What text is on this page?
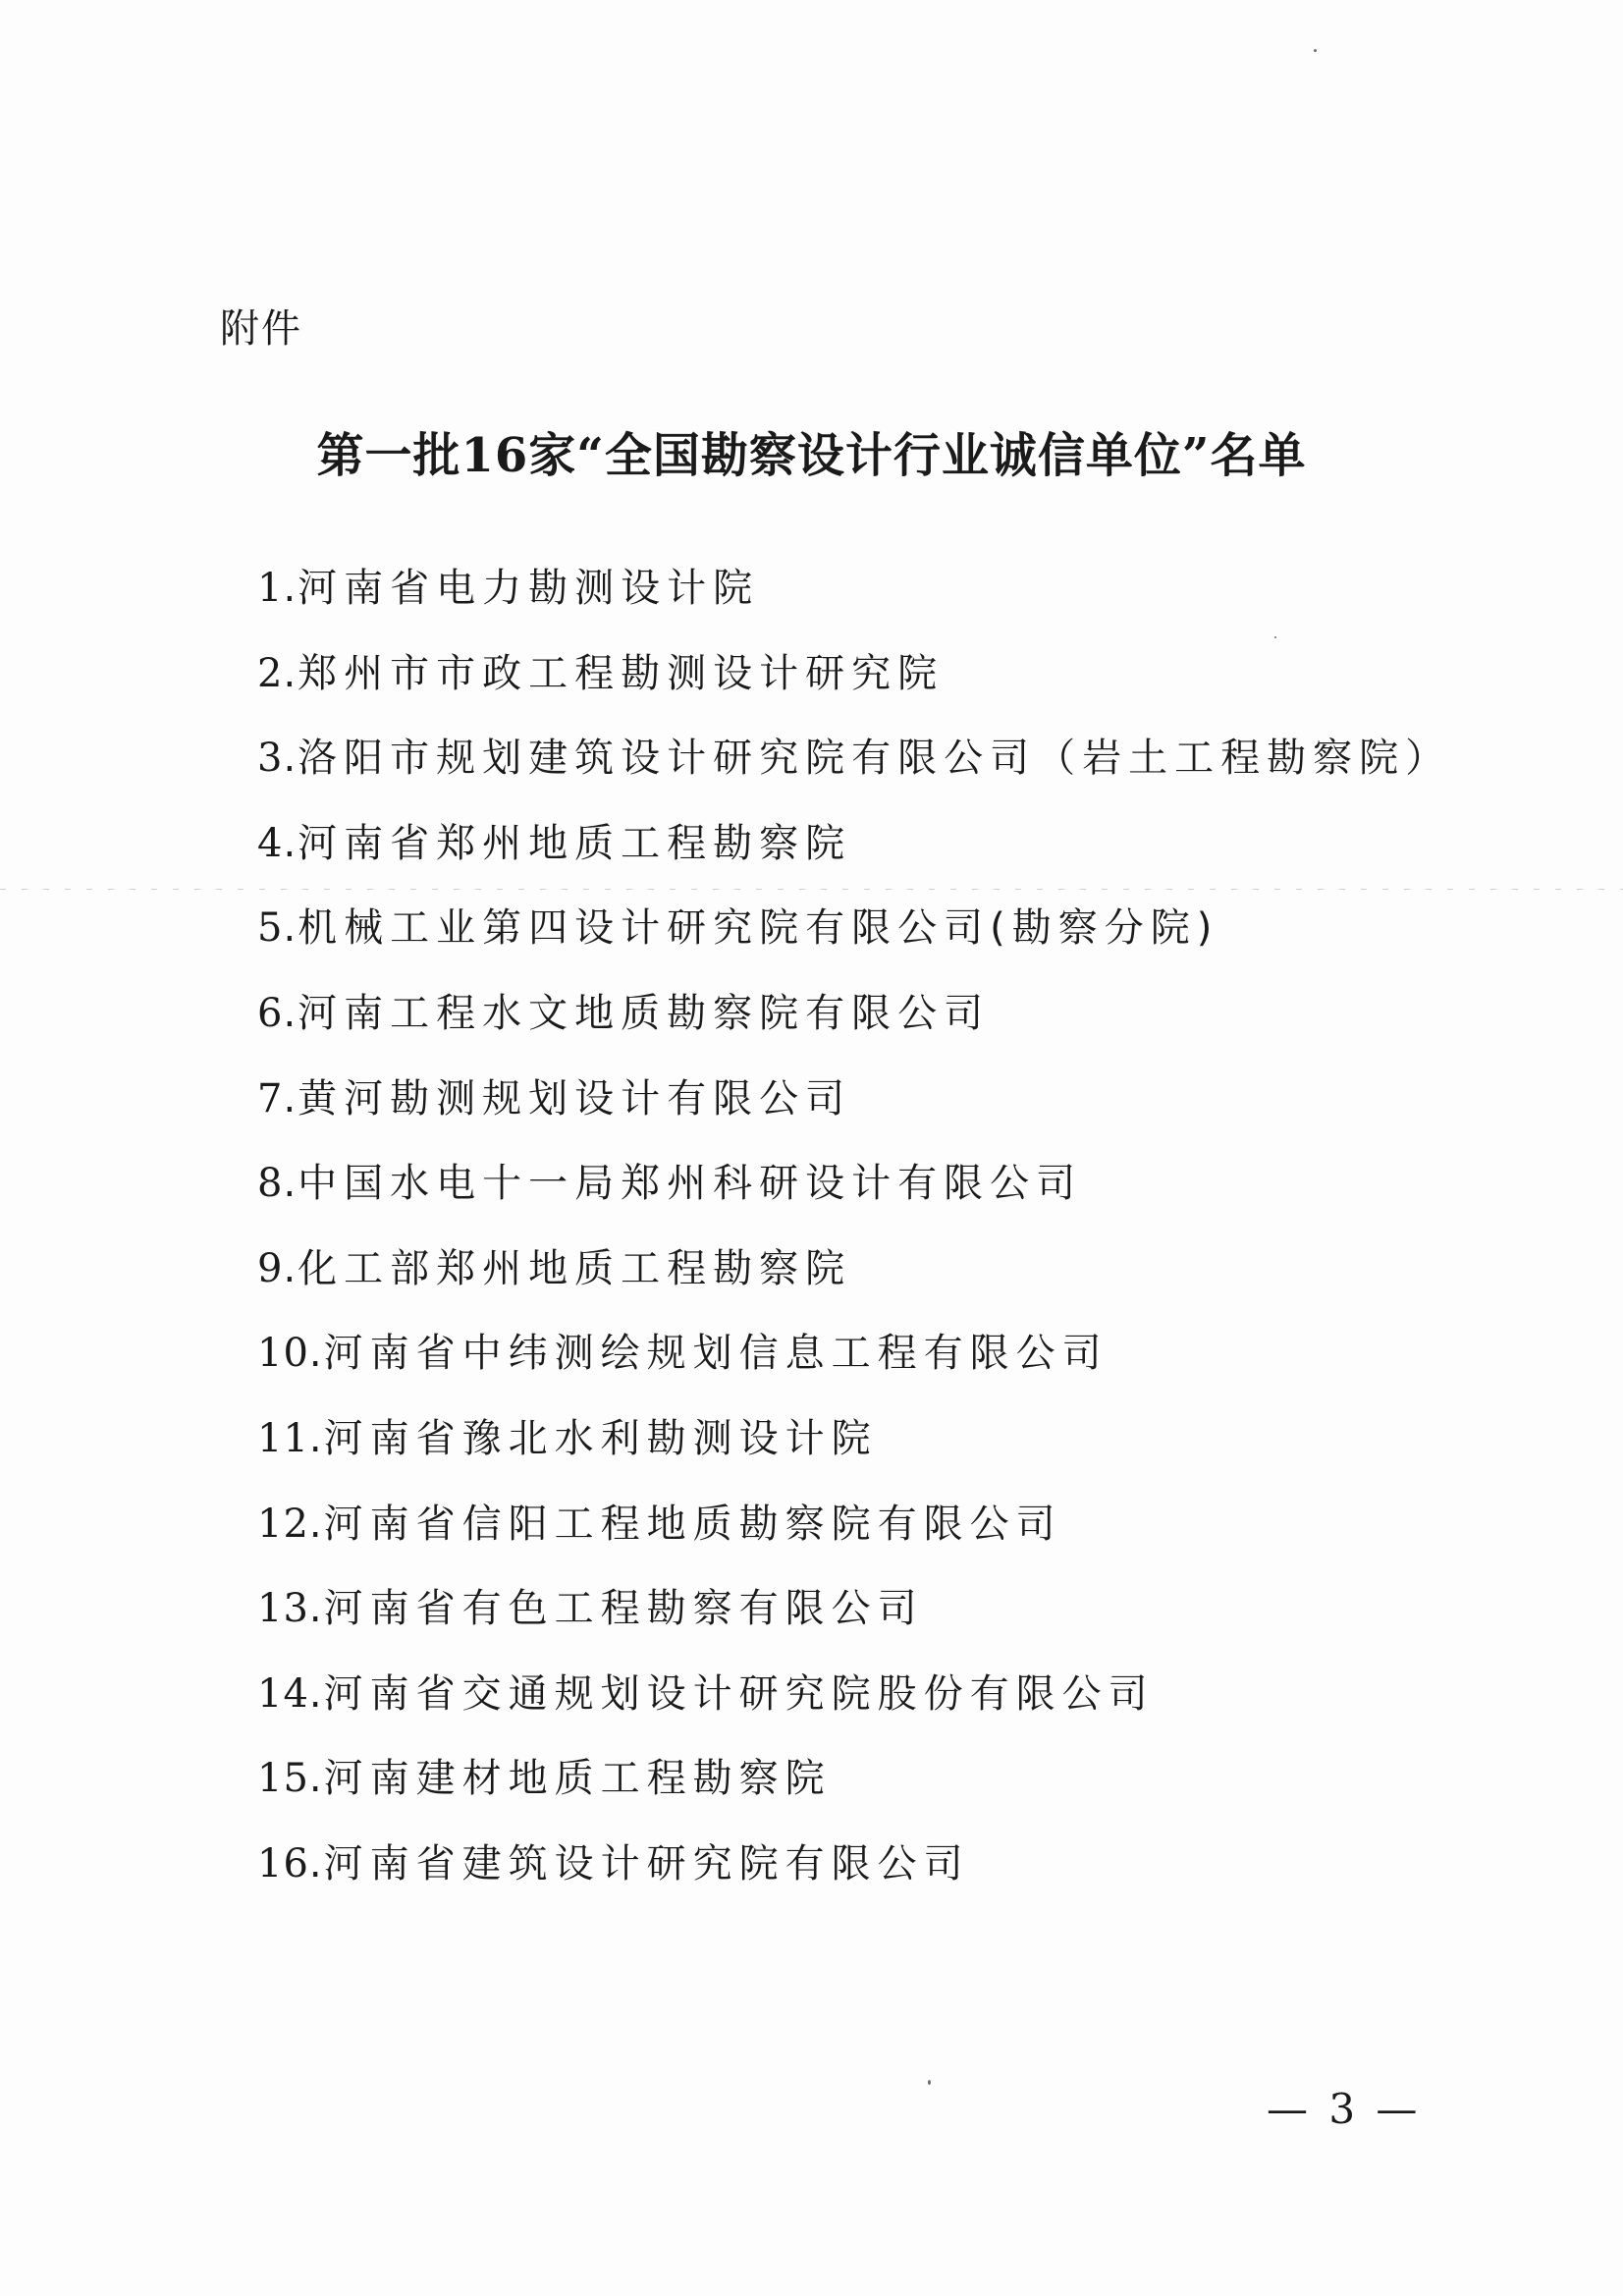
附件
第一批16家“全国勘察设计行业诚信单位”名单
1.河南省电力勘测设计院
2.郑州市市政工程勘测设计研究院
3.洛阳市规划建筑设计研究院有限公司（岩土工程勘察院）
4.河南省郑州地质工程勘察院
5.机械工业第四设计研究院有限公司(勘察分院)
6.河南工程水文地质勘察院有限公司
7.黄河勘测规划设计有限公司
8.中国水电十一局郑州科研设计有限公司
9.化工部郑州地质工程勘察院
10.河南省中纬测绘规划信息工程有限公司
11.河南省豫北水利勘测设计院
12.河南省信阳工程地质勘察院有限公司
13.河南省有色工程勘察有限公司
14.河南省交通规划设计研究院股份有限公司
15.河南建材地质工程勘察院
16.河南省建筑设计研究院有限公司
— 3 —
